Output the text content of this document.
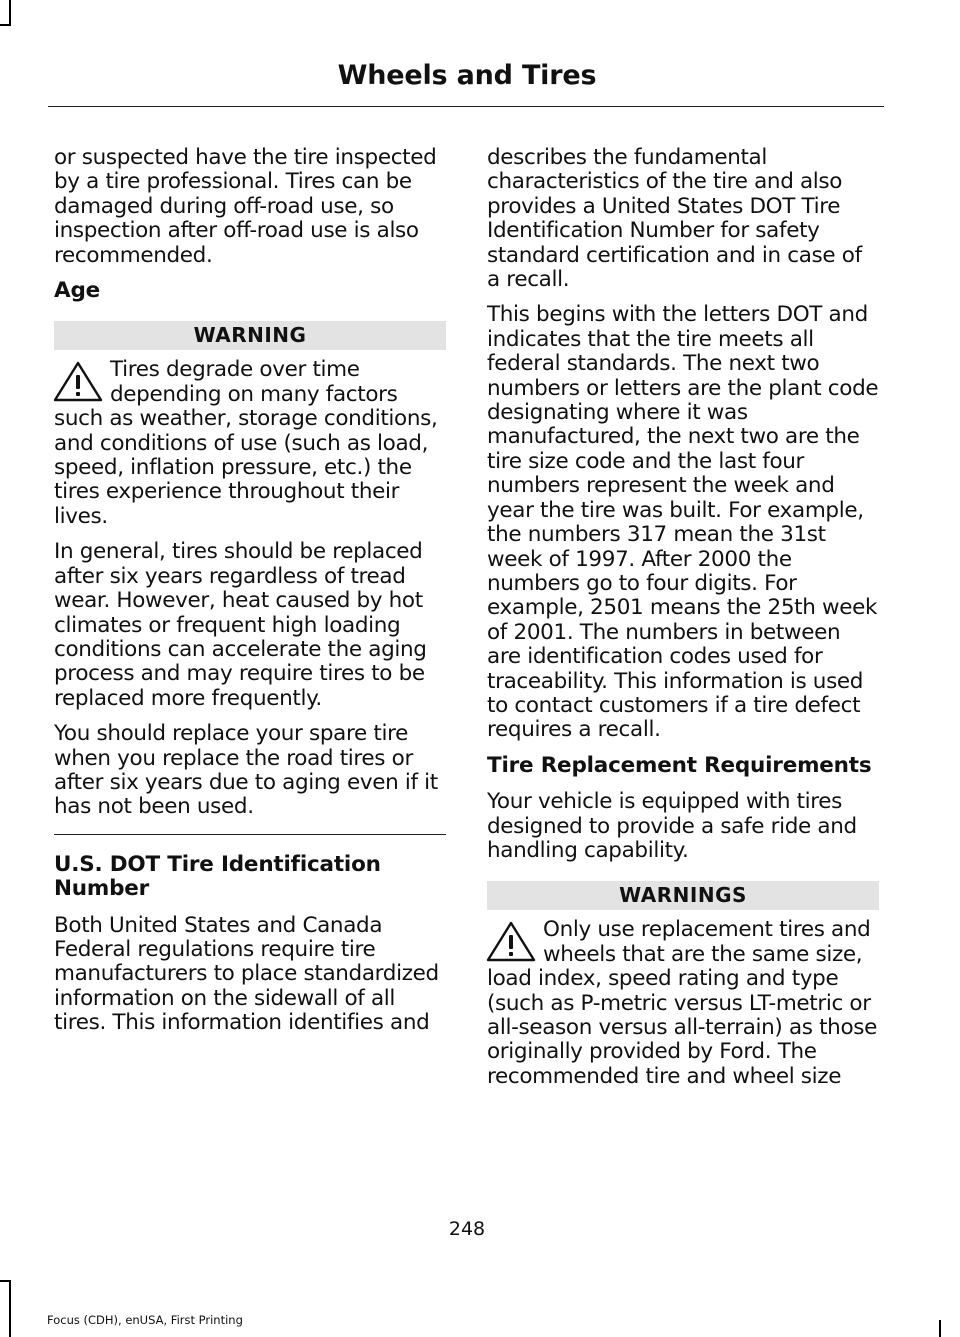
Wheels and Tires

or suspected have the tire inspected by a tire professional. Tires can be damaged during off-road use, so inspection after off-road use is also recommended.

Age
WARNING

Tires degrade over time depending on many factors such as weather, storage conditions, and conditions of use (such as load, speed, inflation pressure, etc.) the tires experience throughout their lives.

In general, tires should be replaced after six years regardless of tread wear. However, heat caused by hot climates or frequent high loading conditions can accelerate the aging process and may require tires to be replaced more frequently.

You should replace your spare tire when you replace the road tires or after six years due to aging even if it has not been used.

U.S. DOT Tire Identification Number

Both United States and Canada Federal regulations require tire manufacturers to place standardized information on the sidewall of all tires. This information identifies and

describes the fundamental characteristics of the tire and also provides a United States DOT Tire Identification Number for safety standard certification and in case of a recall.

This begins with the letters DOT and indicates that the tire meets all federal standards. The next two numbers or letters are the plant code designating where it was manufactured, the next two are the tire size code and the last four numbers represent the week and year the tire was built. For example, the numbers 317 mean the 31st week of 1997. After 2000 the numbers go to four digits. For example, 2501 means the 25th week of 2001. The numbers in between are identification codes used for traceability. This information is used to contact customers if a tire defect requires a recall.

Tire Replacement Requirements

Your vehicle is equipped with tires designed to provide a safe ride and handling capability.

WARNINGS

Only use replacement tires and wheels that are the same size, load index, speed rating and type (such as P-metric versus LT-metric or all-season versus all-terrain) as those originally provided by Ford. The recommended tire and wheel size

248
Focus (CDH), enUSA, First Printing
